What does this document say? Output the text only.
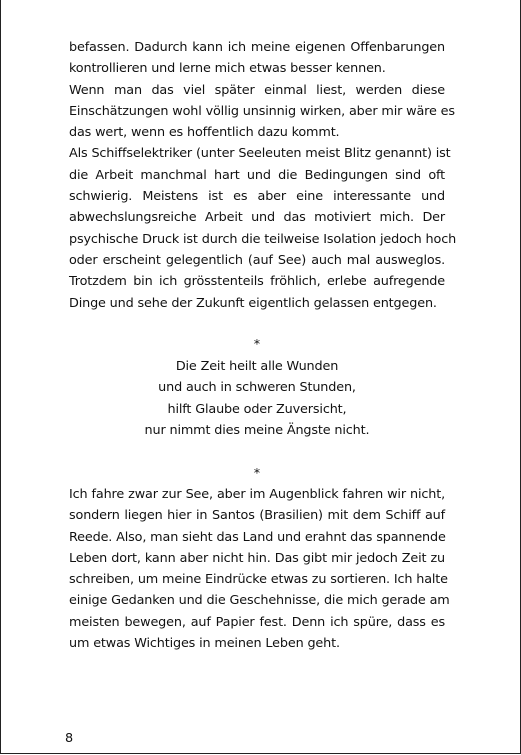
befassen. Dadurch kann ich meine eigenen Offenbarungen
kontrollieren und lerne mich etwas besser kennen.
Wenn man das viel später einmal liest, werden diese
Einschätzungen wohl völlig unsinnig wirken, aber mir wäre es
das wert, wenn es hoffentlich dazu kommt.
Als Schiffselektriker (unter Seeleuten meist Blitz genannt) ist
die Arbeit manchmal hart und die Bedingungen sind oft
schwierig. Meistens ist es aber eine interessante und
abwechslungsreiche Arbeit und das motiviert mich. Der
psychische Druck ist durch die teilweise Isolation jedoch hoch
oder erscheint gelegentlich (auf See) auch mal ausweglos.
Trotzdem bin ich grösstenteils fröhlich, erlebe aufregende
Dinge und sehe der Zukunft eigentlich gelassen entgegen.
*
Die Zeit heilt alle Wunden
und auch in schweren Stunden,
hilft Glaube oder Zuversicht,
nur nimmt dies meine Ängste nicht.
*
Ich fahre zwar zur See, aber im Augenblick fahren wir nicht,
sondern liegen hier in Santos (Brasilien) mit dem Schiff auf
Reede. Also, man sieht das Land und erahnt das spannende
Leben dort, kann aber nicht hin. Das gibt mir jedoch Zeit zu
schreiben, um meine Eindrücke etwas zu sortieren. Ich halte
einige Gedanken und die Geschehnisse, die mich gerade am
meisten bewegen, auf Papier fest. Denn ich spüre, dass es
um etwas Wichtiges in meinen Leben geht.
8
